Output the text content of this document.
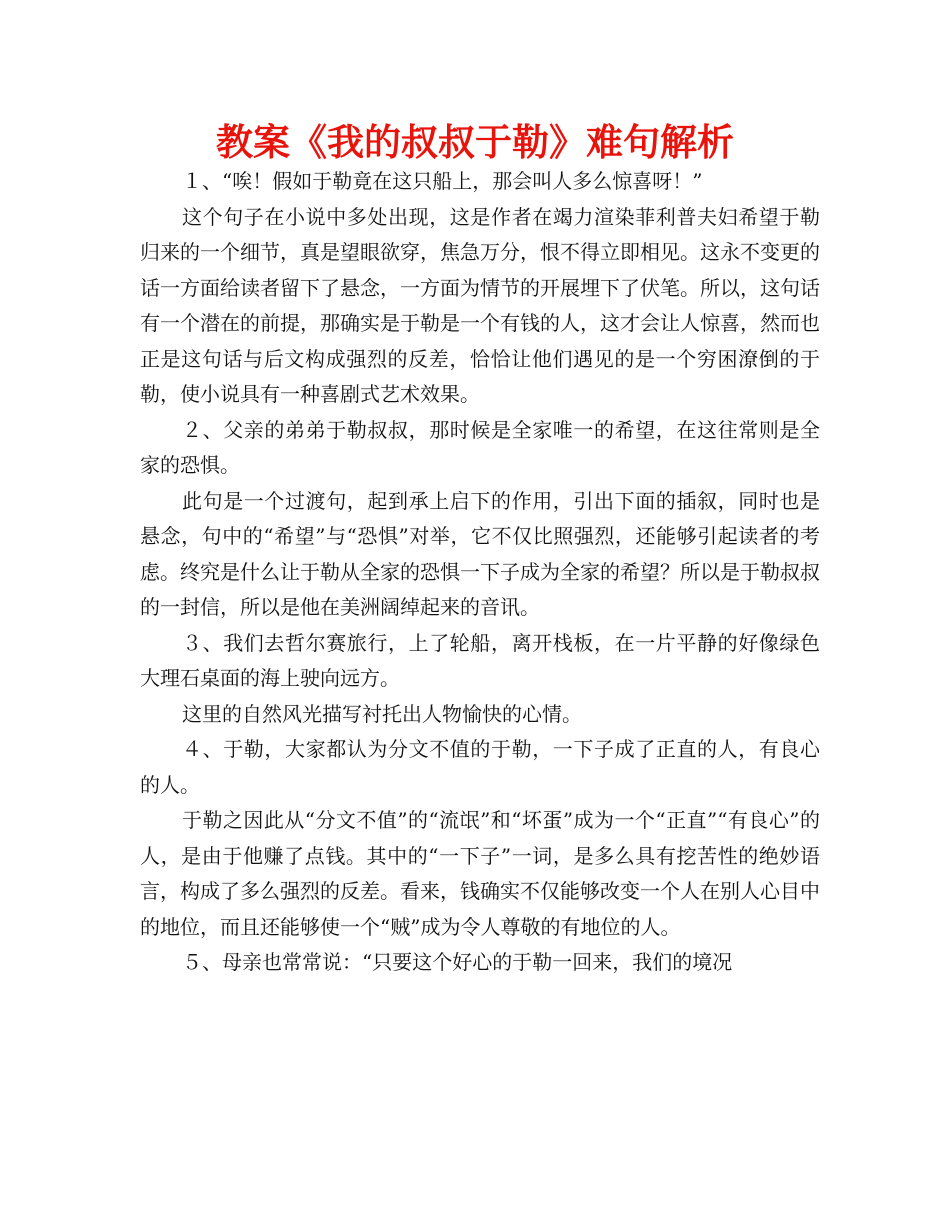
教案《我的叔叔于勒》难句解析

１、“唉！假如于勒竟在这只船上，那会叫人多么惊喜呀！”

这个句子在小说中多处出现，这是作者在竭力渲染菲利普夫妇希望于勒归来的一个细节，真是望眼欲穿，焦急万分，恨不得立即相见。这永不变更的话一方面给读者留下了悬念，一方面为情节的开展埋下了伏笔。所以，这句话有一个潜在的前提，那确实是于勒是一个有钱的人，这才会让人惊喜，然而也正是这句话与后文构成强烈的反差，恰恰让他们遇见的是一个穷困潦倒的于勒，使小说具有一种喜剧式艺术效果。

２、父亲的弟弟于勒叔叔，那时候是全家唯一的希望，在这往常则是全家的恐惧。

此句是一个过渡句，起到承上启下的作用，引出下面的插叙，同时也是悬念，句中的“希望”与“恐惧”对举，它不仅比照强烈，还能够引起读者的考虑。终究是什么让于勒从全家的恐惧一下子成为全家的希望？所以是于勒叔叔的一封信，所以是他在美洲阔绰起来的音讯。

３、我们去哲尔赛旅行，上了轮船，离开栈板，在一片平静的好像绿色大理石桌面的海上驶向远方。

这里的自然风光描写衬托出人物愉快的心情。

４、于勒，大家都认为分文不值的于勒，一下子成了正直的人，有良心的人。

于勒之因此从“分文不值”的“流氓”和“坏蛋”成为一个“正直”“有良心”的人，是由于他赚了点钱。其中的“一下子”一词，是多么具有挖苦性的绝妙语言，构成了多么强烈的反差。看来，钱确实不仅能够改变一个人在别人心目中的地位，而且还能够使一个“贼”成为令人尊敬的有地位的人。

５、母亲也常常说：“只要这个好心的于勒一回来，我们的境况
